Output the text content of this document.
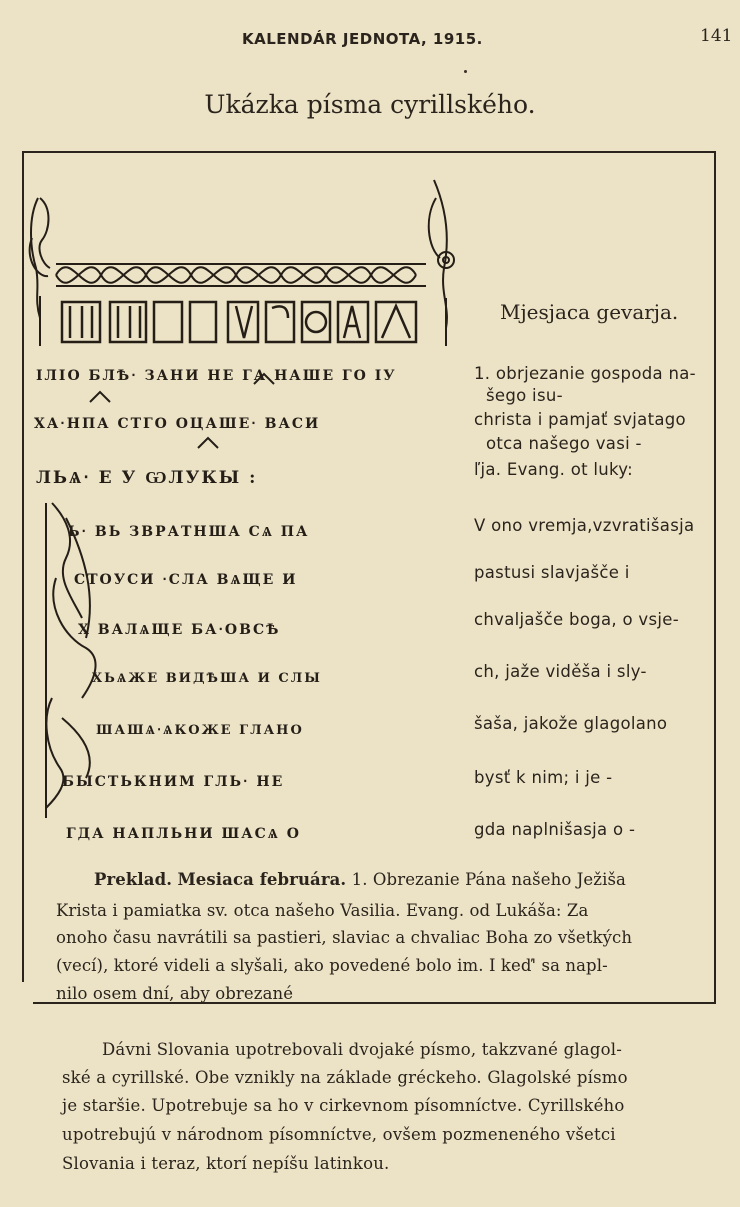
KALENDÁR JEDNOTA, 1915.	141
Ukázka písma cyrillského.
ІЛІО БЛѢ‧ ЗАНИ НЕ ГА НАШЕ ГО ІУ
ХА‧НПА СТГО ОЦАШЕ‧ ВАСИ
ЛЬѦ‧ Е У ѠЛУКЫ :
Ь‧ ВЬ ЗВРАТНША СѦ ПА
СТОУСИ ‧СЛА ВѦЩЕ И
Х ВАЛѦЩЕ БА‧ОВСѢ
ХЬѦЖЕ ВИДѢША И СЛЫ
ШАШѦ‧ѦКОЖЕ ГЛАНО
БЫСТЬКНИМ ГЛЬ‧ НЕ
ГДА НАПЛЬНИ ШАСѦ О
Mjesjaca gevarja.
1. obrjezanie gospoda na-
šego isu-
christa i pamjať svjatago
otca našego vasi -
ľja. Evang. ot luky:
V ono vremja,vzvratišasja
pastusi slavjašče i
chvaljašče boga, o vsje-
ch, jaže viděša i sly-
šaša, jakože glagolano
bysť k nim; i je -
gda naplnišasja o -
Preklad. Mesiaca februára. 1. Obrezanie Pána našeho Ježiša
Krista i pamiatka sv. otca našeho Vasilia. Evang. od Lukáša: Za
onoho času navrátili sa pastieri, slaviac a chvaliac Boha zo všetkých
(vecí), ktoré videli a slyšali, ako povedené bolo im. I keď' sa napl-
nilo osem dní, aby obrezané
Dávni Slovania upotrebovali dvojaké písmo, takzvané glagol-
ské a cyrillské. Obe vznikly na základe gréckeho. Glagolské písmo
je staršie. Upotrebuje sa ho v cirkevnom písomníctve. Cyrillského
upotrebujú v národnom písomníctve, ovšem pozmeneného všetci
Slovania i teraz, ktorí nepíšu latinkou.
